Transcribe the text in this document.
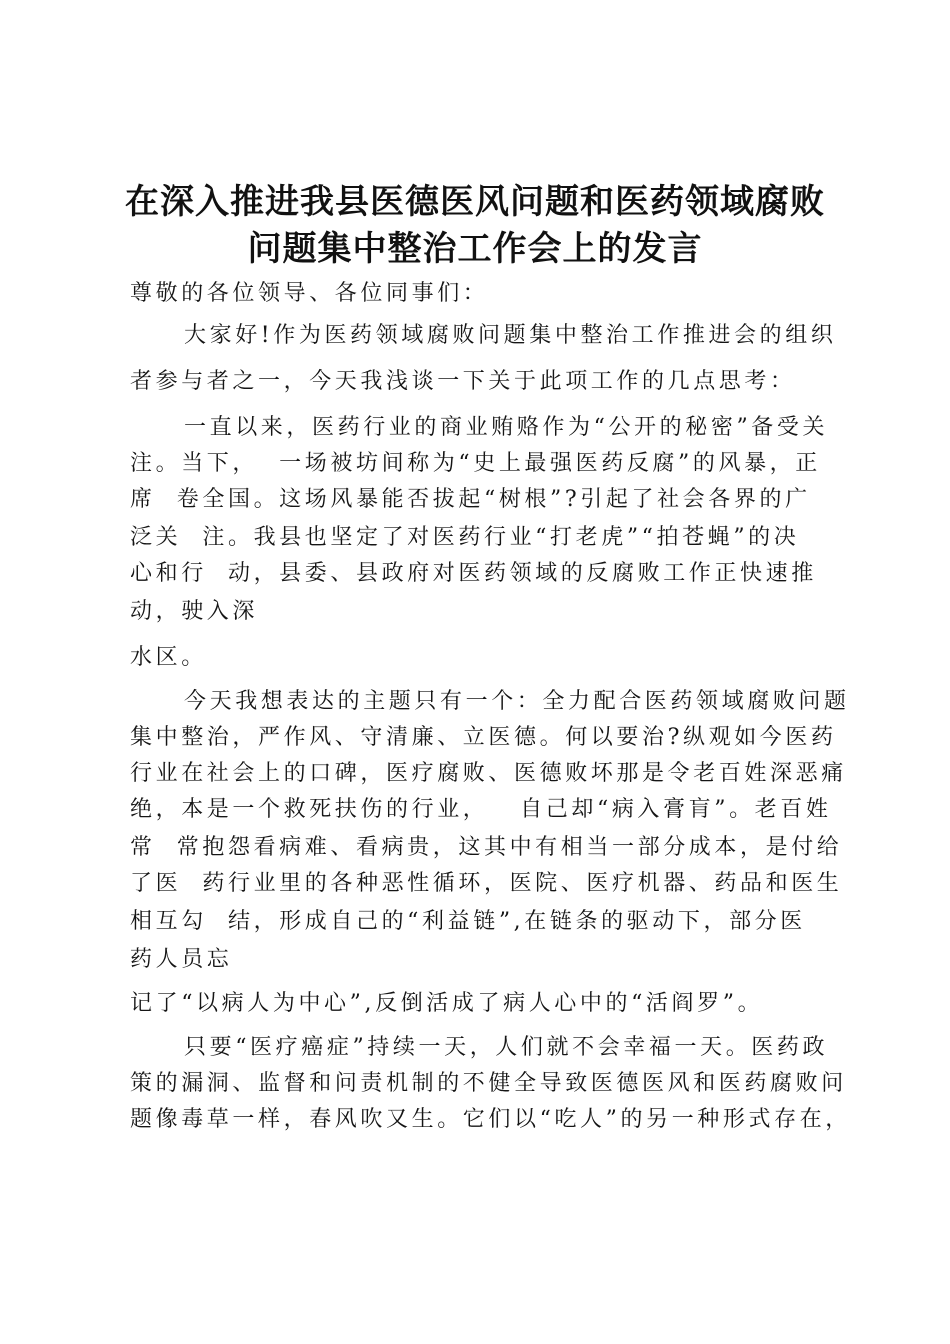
在深入推进我县医德医风问题和医药领域腐败
问题集中整治工作会上的发言
尊敬的各位领导、各位同事们：
大家好!作为医药领域腐败问题集中整治工作推进会的组织
者参与者之一，今天我浅谈一下关于此项工作的几点思考：
一直以来，医药行业的商业贿赂作为“公开的秘密”备受关
注。当下，  一场被坊间称为“史上最强医药反腐”的风暴，正
席  卷全国。这场风暴能否拔起“树根”?引起了社会各界的广
泛关  注。我县也坚定了对医药行业“打老虎”“拍苍蝇”的决
心和行  动，县委、县政府对医药领域的反腐败工作正快速推
动，驶入深
水区。
今天我想表达的主题只有一个：全力配合医药领域腐败问题
集中整治，严作风、守清廉、立医德。何以要治?纵观如今医药
行业在社会上的口碑，医疗腐败、医德败坏那是令老百姓深恶痛
绝，本是一个救死扶伤的行业，   自己却“病入膏肓”。老百姓
常  常抱怨看病难、看病贵，这其中有相当一部分成本，是付给
了医  药行业里的各种恶性循环，医院、医疗机器、药品和医生
相互勾  结，形成自己的“利益链”,在链条的驱动下，部分医
药人员忘
记了“以病人为中心”,反倒活成了病人心中的“活阎罗”。
只要“医疗癌症”持续一天，人们就不会幸福一天。医药政
策的漏洞、监督和问责机制的不健全导致医德医风和医药腐败问
题像毒草一样，春风吹又生。它们以“吃人”的另一种形式存在，
